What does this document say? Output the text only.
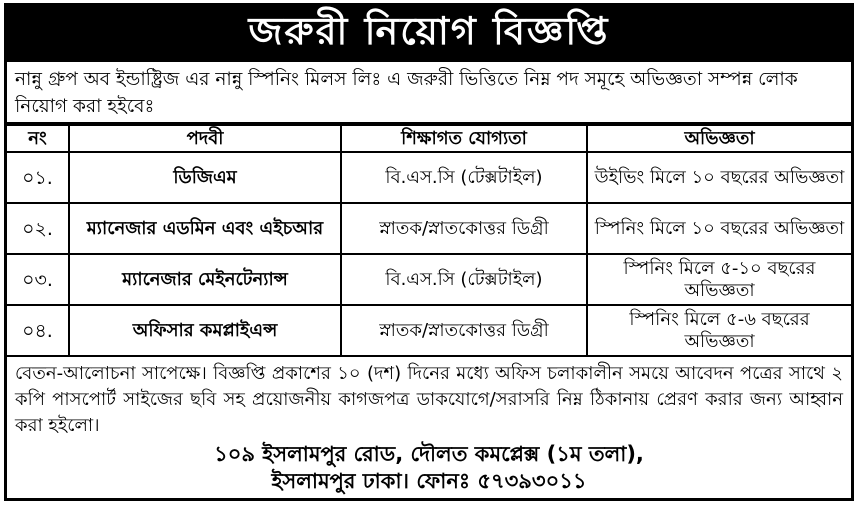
জরুরী নিয়োগ বিজ্ঞপ্তি
নান্নু গ্রুপ অব ইন্ডাষ্ট্রিজ এর নান্নু স্পিনিং মিলস লিঃ এ জরুরী ভিত্তিতে নিম্ন পদ সমূহে অভিজ্ঞতা সম্পন্ন লোক নিয়োগ করা হইবেঃ
নং	পদবী	শিক্ষাগত যোগ্যতা	অভিজ্ঞতা
০১.	ডিজিএম	বি.এস.সি (টেক্সটাইল)	উইভিং মিলে ১০ বছরের অভিজ্ঞতা
০২.	ম্যানেজার এডমিন এবং এইচআর	স্নাতক/স্নাতকোত্তর ডিগ্রী	স্পিনিং মিলে ১০ বছরের অভিজ্ঞতা
০৩.	ম্যানেজার মেইনটেন্যান্স	বি.এস.সি (টেক্সটাইল)	স্পিনিং মিলে ৫-১০ বছরের অভিজ্ঞতা
০৪.	অফিসার কমপ্লাইএন্স	স্নাতক/স্নাতকোত্তর ডিগ্রী	স্পিনিং মিলে ৫-৬ বছরের অভিজ্ঞতা
বেতন-আলোচনা সাপেক্ষে। বিজ্ঞপ্তি প্রকাশের ১০ (দশ) দিনের মধ্যে অফিস চলাকালীন সময়ে আবেদন পত্রের সাথে ২ কপি পাসপোর্ট সাইজের ছবি সহ প্রয়োজনীয় কাগজপত্র ডাকযোগে/সরাসরি নিম্ন ঠিকানায় প্রেরণ করার জন্য আহ্বান করা হইলো।
১০৯ ইসলামপুর রোড, দৌলত কমপ্লেক্স (১ম তলা),
ইসলামপুর ঢাকা। ফোনঃ ৫৭৩৯৩০১১
